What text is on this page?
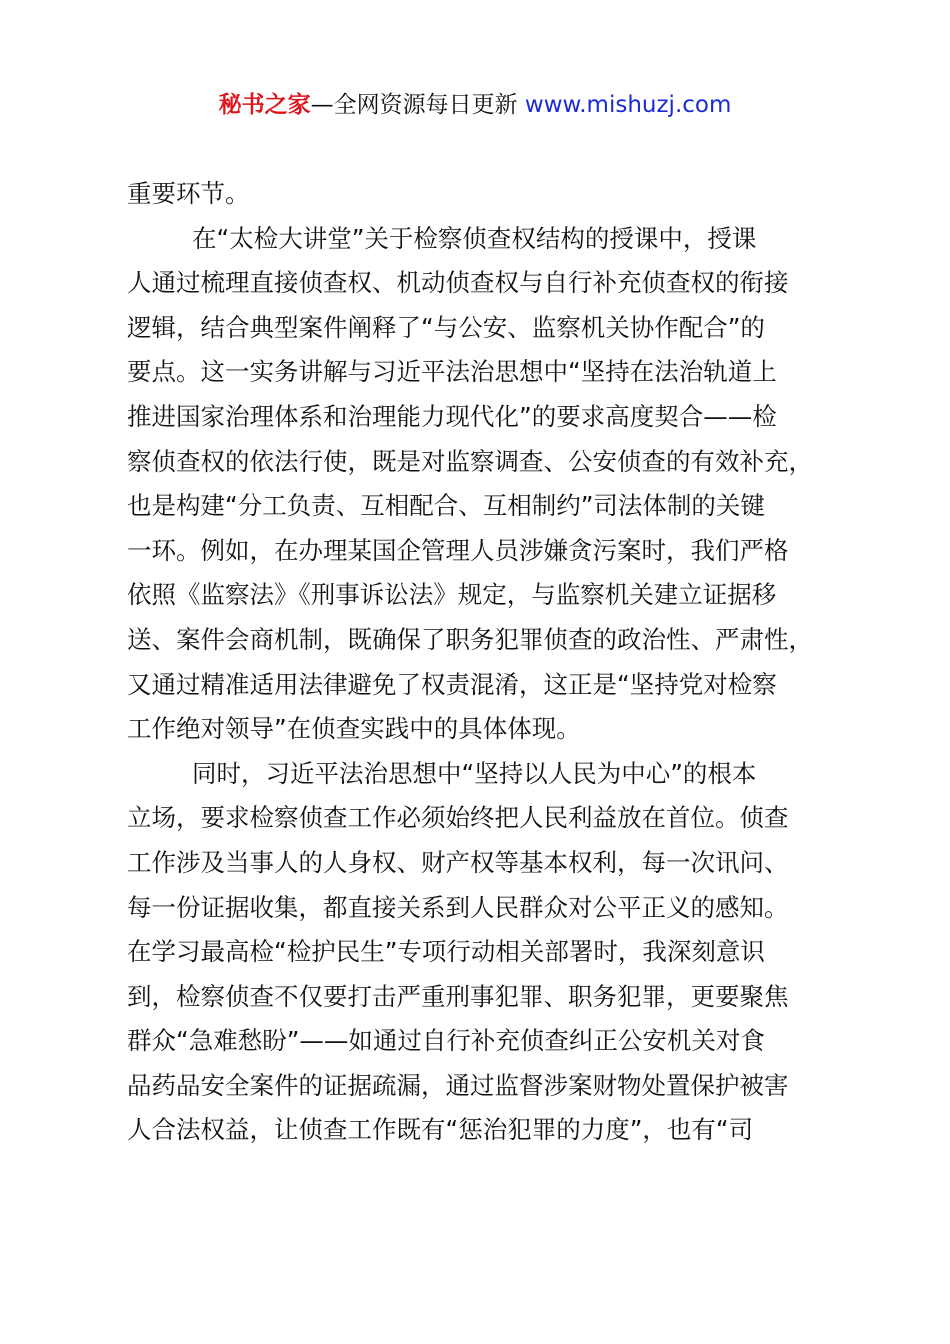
秘书之家—全网资源每日更新 www.mishuzj.com
重要环节。
在“太检大讲堂”关于检察侦查权结构的授课中，授课
人通过梳理直接侦查权、机动侦查权与自行补充侦查权的衔接
逻辑，结合典型案件阐释了“与公安、监察机关协作配合”的
要点。这一实务讲解与习近平法治思想中“坚持在法治轨道上
推进国家治理体系和治理能力现代化”的要求高度契合——检
察侦查权的依法行使，既是对监察调查、公安侦查的有效补充，
也是构建“分工负责、互相配合、互相制约”司法体制的关键
一环。例如，在办理某国企管理人员涉嫌贪污案时，我们严格
依照《监察法》《刑事诉讼法》规定，与监察机关建立证据移
送、案件会商机制，既确保了职务犯罪侦查的政治性、严肃性，
又通过精准适用法律避免了权责混淆，这正是“坚持党对检察
工作绝对领导”在侦查实践中的具体体现。
同时，习近平法治思想中“坚持以人民为中心”的根本
立场，要求检察侦查工作必须始终把人民利益放在首位。侦查
工作涉及当事人的人身权、财产权等基本权利，每一次讯问、
每一份证据收集，都直接关系到人民群众对公平正义的感知。
在学习最高检“检护民生”专项行动相关部署时，我深刻意识
到，检察侦查不仅要打击严重刑事犯罪、职务犯罪，更要聚焦
群众“急难愁盼”——如通过自行补充侦查纠正公安机关对食
品药品安全案件的证据疏漏，通过监督涉案财物处置保护被害
人合法权益，让侦查工作既有“惩治犯罪的力度”，也有“司
